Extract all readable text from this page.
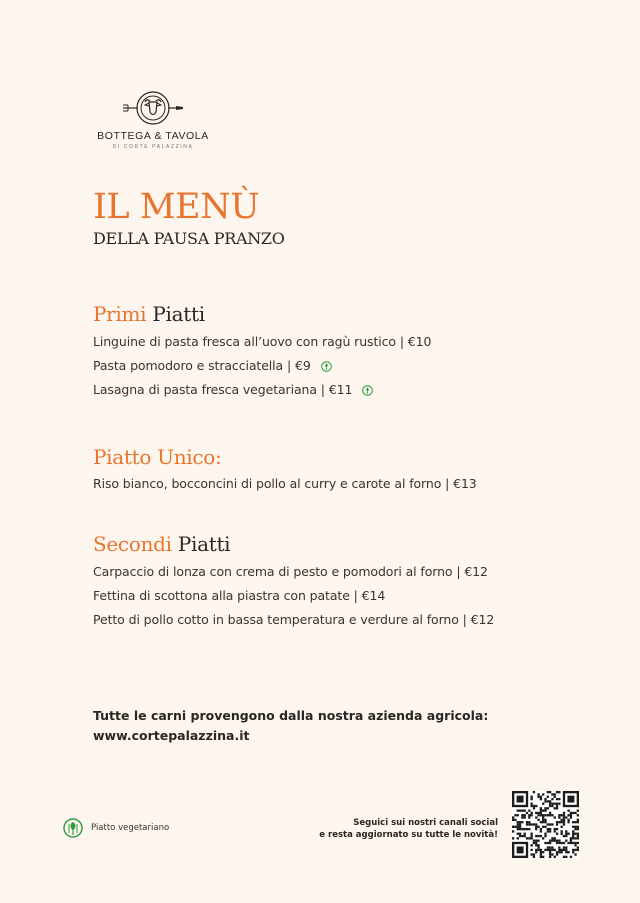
BOTTEGA & TAVOLA
DI CORTE PALAZZINA
IL MENÙ
DELLA PAUSA PRANZO
Primi Piatti
Linguine di pasta fresca all’uovo con ragù rustico | €10
Pasta pomodoro e stracciatella | €9
Lasagna di pasta fresca vegetariana | €11
Piatto Unico:
Riso bianco, bocconcini di pollo al curry e carote al forno | €13
Secondi Piatti
Carpaccio di lonza con crema di pesto e pomodori al forno | €12
Fettina di scottona alla piastra con patate | €14
Petto di pollo cotto in bassa temperatura e verdure al forno | €12
Tutte le carni provengono dalla nostra azienda agricola:
www.cortepalazzina.it
Piatto vegetariano	Seguici sui nostri canali social
e resta aggiornato su tutte le novità!
